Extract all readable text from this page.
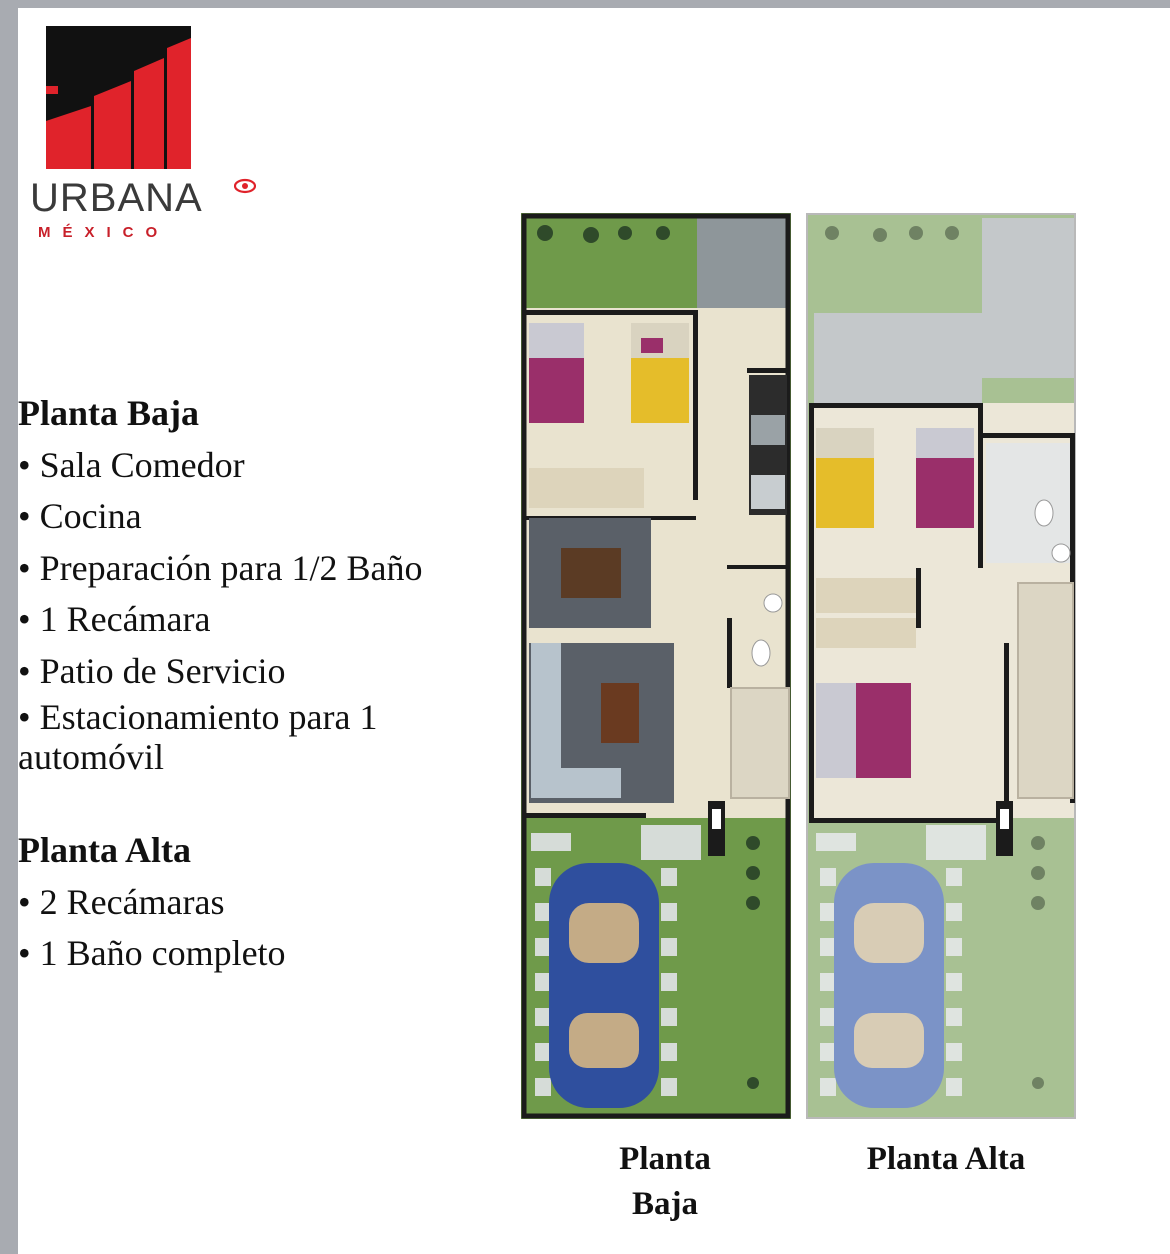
URBANA
MÉXICO
Planta Baja
• Sala Comedor
• Cocina
• Preparación para 1/2 Baño
• 1 Recámara
• Patio de Servicio
• Estacionamiento para 1 automóvil
Planta Alta
• 2 Recámaras
• 1 Baño completo
Planta Baja
Planta Alta
